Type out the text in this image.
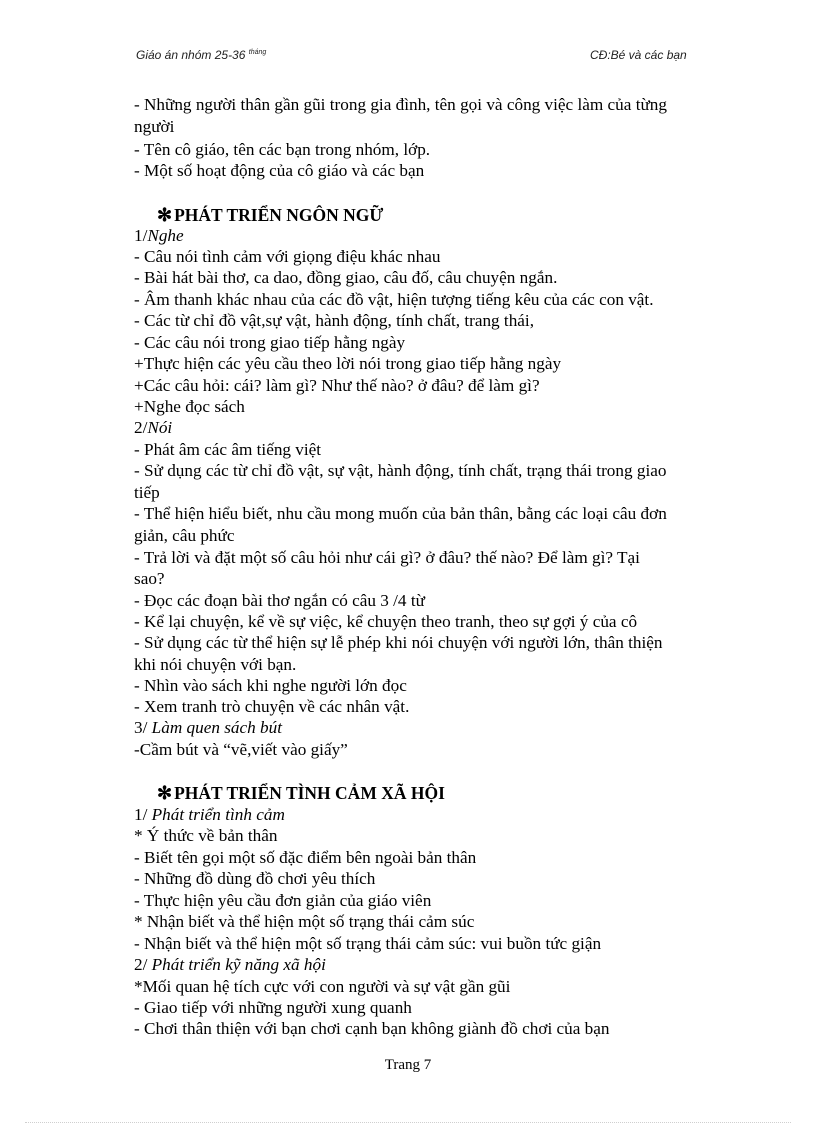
Giáo án nhóm 25-36 $^{tháng}$	CĐ:Bé và các bạn
- Những người thân gần gũi trong gia đình, tên gọi và công việc làm của từng
người
- Tên cô giáo, tên các bạn trong nhóm, lớp.
- Một số hoạt động của cô giáo và các bạn
✻ PHÁT TRIỂN NGÔN NGỮ
1/Nghe
- Câu nói tình cảm với giọng điệu khác nhau
- Bài hát bài thơ, ca dao, đồng giao, câu đố, câu chuyện ngắn.
- Âm thanh khác nhau của các đồ vật, hiện tượng tiếng kêu của các con vật.
- Các từ chỉ đồ vật,sự vật, hành động, tính chất, trang thái,
- Các câu nói trong giao tiếp hằng ngày
+Thực hiện các yêu cầu theo lời nói trong giao tiếp hằng ngày
+Các câu hỏi: cái? làm gì? Như thế nào? ở đâu? để làm gì?
+Nghe đọc sách
2/Nói
- Phát âm các âm tiếng việt
- Sử dụng các từ chỉ đồ vật, sự vật, hành động, tính chất, trạng thái trong giao
tiếp
- Thể hiện hiểu biết, nhu cầu mong muốn của bản thân, bằng các loại câu đơn
giản, câu phức
- Trả lời và đặt một số câu hỏi như cái gì? ở đâu? thế nào? Để làm gì? Tại
sao?
- Đọc các đoạn bài thơ ngắn có câu 3 /4 từ
- Kể lại chuyện, kể về sự việc, kể chuyện theo tranh, theo sự gợi ý của cô
- Sử dụng các từ thể hiện sự lễ phép khi nói chuyện với người lớn, thân thiện
khi nói chuyện với bạn.
- Nhìn vào sách khi nghe người lớn đọc
- Xem tranh trò chuyện về các nhân vật.
3/ Làm quen sách bút
-Cầm bút và “vẽ,viết vào giấy”
✻ PHÁT TRIỂN TÌNH CẢM XÃ HỘI
1/ Phát triển tình cảm
* Ý thức về bản thân
- Biết tên gọi một số đặc điểm bên ngoài bản thân
- Những đồ dùng đồ chơi yêu thích
- Thực hiện yêu cầu đơn giản của giáo viên
* Nhận biết và thể hiện một số trạng thái cảm súc
- Nhận biết và thể hiện một số trạng thái cảm súc: vui buồn tức giận
2/ Phát triển kỹ năng xã hội
*Mối quan hệ tích cực với con người và sự vật gần gũi
- Giao tiếp với những người xung quanh
- Chơi thân thiện với bạn chơi cạnh bạn không giành đồ chơi của bạn
Trang 7
